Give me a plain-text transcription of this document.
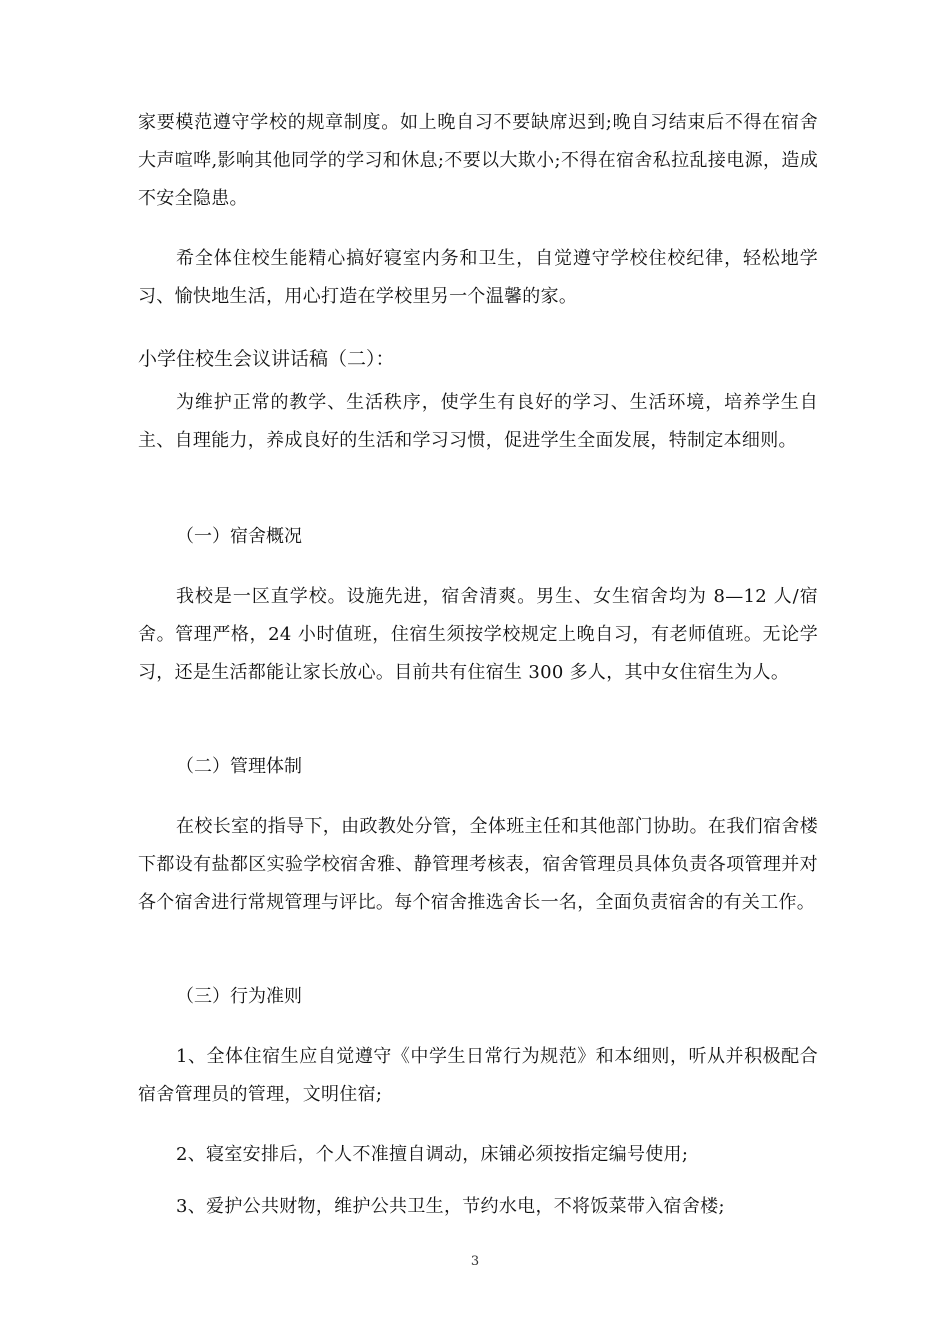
家要模范遵守学校的规章制度。如上晚自习不要缺席迟到;晚自习结束后不得在宿舍大声喧哗,影响其他同学的学习和休息;不要以大欺小;不得在宿舍私拉乱接电源，造成不安全隐患。

希全体住校生能精心搞好寝室内务和卫生，自觉遵守学校住校纪律，轻松地学习、愉快地生活，用心打造在学校里另一个温馨的家。

小学住校生会议讲话稿（二）：

为维护正常的教学、生活秩序，使学生有良好的学习、生活环境，培养学生自主、自理能力，养成良好的生活和学习习惯，促进学生全面发展，特制定本细则。

（一）宿舍概况

我校是一区直学校。设施先进，宿舍清爽。男生、女生宿舍均为 8—12 人/宿舍。管理严格，24 小时值班，住宿生须按学校规定上晚自习，有老师值班。无论学习，还是生活都能让家长放心。目前共有住宿生 300 多人，其中女住宿生为人。

（二）管理体制

在校长室的指导下，由政教处分管，全体班主任和其他部门协助。在我们宿舍楼下都设有盐都区实验学校宿舍雅、静管理考核表，宿舍管理员具体负责各项管理并对各个宿舍进行常规管理与评比。每个宿舍推选舍长一名，全面负责宿舍的有关工作。

（三）行为准则

1、全体住宿生应自觉遵守《中学生日常行为规范》和本细则，听从并积极配合宿舍管理员的管理，文明住宿;

2、寝室安排后，个人不准擅自调动，床铺必须按指定编号使用;

3、爱护公共财物，维护公共卫生，节约水电，不将饭菜带入宿舍楼;

3
